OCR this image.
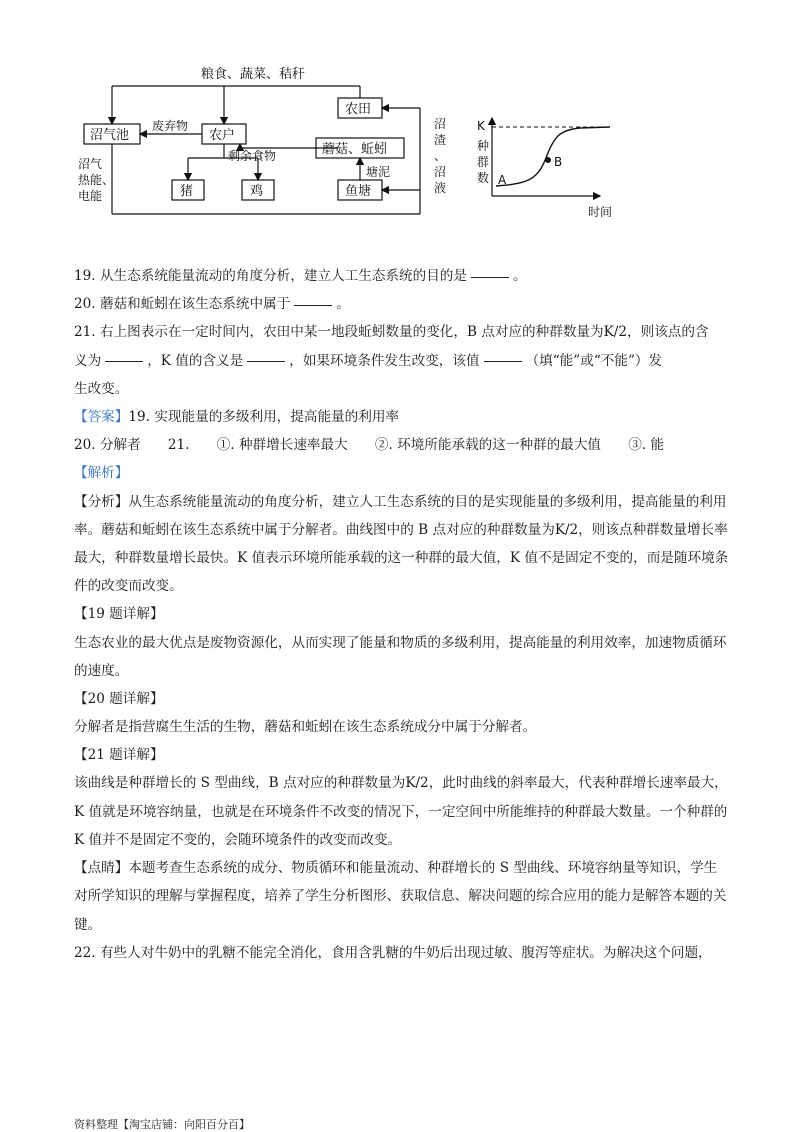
粮食、蔬菜、秸秆
沼气池	农户
废弃物
剩余食物
猪	鸡
沼气
热能、
电能
农田
蘑菇、蚯蚓
塘泥
鱼塘
沼
渣
、
沼
液
K
种
群
数 A
B
时间
19. 从生态系统能量流动的角度分析，建立人工生态系统的目的是	。
20. 蘑菇和蚯蚓在该生态系统中属于	。
21. 右上图表示在一定时间内，农田中某一地段蚯蚓数量的变化，B 点对应的种群数量为K/2，则该点的含
义为	，K 值的含义是	，如果环境条件发生改变，该值	（填“能”或“不能”）发
生改变。
【答案】19. 实现能量的多级利用，提高能量的利用率
20. 分解者　　21.　　①. 种群增长速率最大　　②. 环境所能承载的这一种群的最大值　　③. 能
【解析】
【分析】从生态系统能量流动的角度分析，建立人工生态系统的目的是实现能量的多级利用，提高能量的利用率。蘑菇和蚯蚓在该生态系统中属于分解者。曲线图中的 B 点对应的种群数量为K/2，则该点种群数量增长率最大，种群数量增长最快。K 值表示环境所能承载的这一种群的最大值，K 值不是固定不变的，而是随环境条件的改变而改变。
【19 题详解】
生态农业的最大优点是废物资源化，从而实现了能量和物质的多级利用，提高能量的利用效率，加速物质循环的速度。
【20 题详解】
分解者是指营腐生生活的生物，蘑菇和蚯蚓在该生态系统成分中属于分解者。
【21 题详解】
该曲线是种群增长的 S 型曲线，B 点对应的种群数量为K/2，此时曲线的斜率最大，代表种群增长速率最大，K 值就是环境容纳量，也就是在环境条件不改变的情况下，一定空间中所能维持的种群最大数量。一个种群的 K 值并不是固定不变的，会随环境条件的改变而改变。
【点睛】本题考查生态系统的成分、物质循环和能量流动、种群增长的 S 型曲线、环境容纳量等知识，学生对所学知识的理解与掌握程度，培养了学生分析图形、获取信息、解决问题的综合应用的能力是解答本题的关键。
22. 有些人对牛奶中的乳糖不能完全消化，食用含乳糖的牛奶后出现过敏、腹泻等症状。为解决这个问题，
资料整理【淘宝店铺：向阳百分百】
